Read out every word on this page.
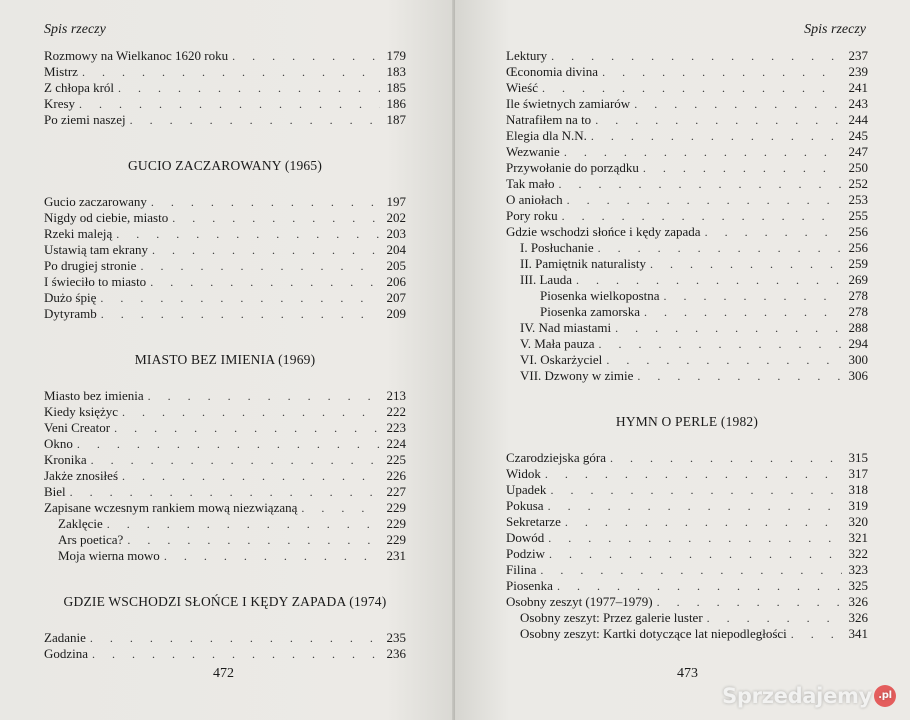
Spis rzeczy
Rozmowy na Wielkanoc 1620 roku . . .	179
Mistrz . . .	183
Z chłopa król . . .	185
Kresy . . .	186
Po ziemi naszej . . .	187
GUCIO ZACZAROWANY (1965)
Gucio zaczarowany . . .	197
Nigdy od ciebie, miasto . . .	202
Rzeki maleją . . .	203
Ustawią tam ekrany . . .	204
Po drugiej stronie . . .	205
I świeciło to miasto . . .	206
Dużo śpię . . .	207
Dytyramb . . .	209
MIASTO BEZ IMIENIA (1969)
Miasto bez imienia . . .	213
Kiedy księżyc . . .	222
Veni Creator . . .	223
Okno . . .	224
Kronika . . .	225
Jakże znosiłeś . . .	226
Biel . . .	227
Zapisane wczesnym rankiem mową niezwiązaną . . .	229
Zaklęcie . . .	229
Ars poetica? . . .	229
Moja wierna mowo . . .	231
GDZIE WSCHODZI SŁOŃCE I KĘDY ZAPADA (1974)
Zadanie . . .	235
Godzina . . .	236
472
Spis rzeczy
Lektury . . .	237
Œconomia divina . . .	239
Wieść . . .	241
Ile świetnych zamiarów . . .	243
Natrafiłem na to . . .	244
Elegia dla N.N. . . .	245
Wezwanie . . .	247
Przywołanie do porządku . . .	250
Tak mało . . .	252
O aniołach . . .	253
Pory roku . . .	255
Gdzie wschodzi słońce i kędy zapada . . .	256
I. Posłuchanie . . .	256
II. Pamiętnik naturalisty . . .	259
III. Lauda . . .	269
Piosenka wielkopostna . . .	278
Piosenka zamorska . . .	278
IV. Nad miastami . . .	288
V. Mała pauza . . .	294
VI. Oskarżyciel . . .	300
VII. Dzwony w zimie . . .	306
HYMN O PERLE (1982)
Czarodziejska góra . . .	315
Widok . . .	317
Upadek . . .	318
Pokusa . . .	319
Sekretarze . . .	320
Dowód . . .	321
Podziw . . .	322
Filina . . .	323
Piosenka . . .	325
Osobny zeszyt (1977–1979) . . .	326
Osobny zeszyt: Przez galerie luster . . .	326
Osobny zeszyt: Kartki dotyczące lat niepodległości . . .	341
473
Sprzedajemy .pl
